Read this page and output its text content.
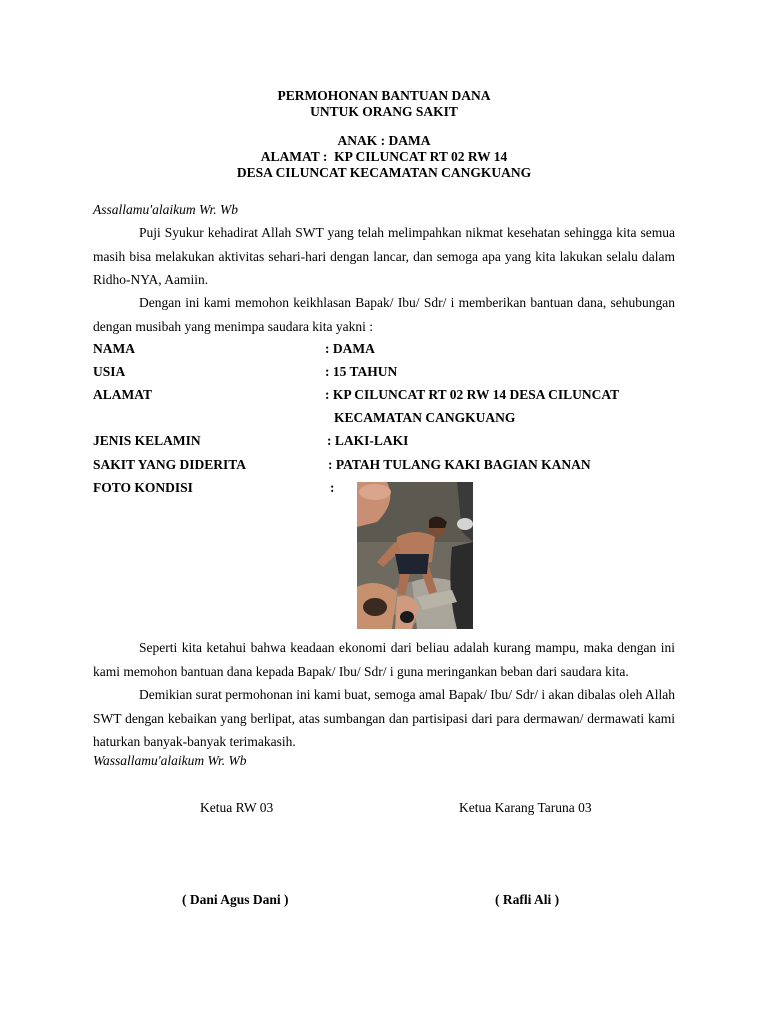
PERMOHONAN BANTUAN DANA
UNTUK ORANG SAKIT
ANAK : DAMA
ALAMAT :  KP CILUNCAT RT 02 RW 14
DESA CILUNCAT KECAMATAN CANGKUANG
Assallamu'alaikum Wr. Wb
Puji Syukur kehadirat Allah SWT yang telah melimpahkan nikmat kesehatan sehingga kita semua masih bisa melakukan aktivitas sehari-hari dengan lancar, dan semoga apa yang kita lakukan selalu dalam Ridho-NYA, Aamiin.
Dengan ini kami memohon keikhlasan Bapak/ Ibu/ Sdr/ i memberikan bantuan dana, sehubungan dengan musibah yang menimpa saudara kita yakni :
NAMA	: DAMA
USIA	: 15 TAHUN
ALAMAT	: KP CILUNCAT RT 02 RW 14 DESA CILUNCAT
KECAMATAN CANGKUANG
JENIS KELAMIN	: LAKI-LAKI
SAKIT YANG DIDERITA	: PATAH TULANG KAKI BAGIAN KANAN
FOTO KONDISI	:
Seperti kita ketahui bahwa keadaan ekonomi dari beliau adalah kurang mampu, maka dengan ini kami memohon bantuan dana kepada Bapak/ Ibu/ Sdr/ i guna meringankan beban dari saudara kita.
Demikian surat permohonan ini kami buat, semoga amal Bapak/ Ibu/ Sdr/ i akan dibalas oleh Allah SWT dengan kebaikan yang berlipat, atas sumbangan dan partisipasi dari para dermawan/ dermawati kami haturkan banyak-banyak terimakasih.
Wassallamu'alaikum Wr. Wb
Ketua RW 03	Ketua Karang Taruna 03
( Dani Agus Dani )	( Rafli Ali )
